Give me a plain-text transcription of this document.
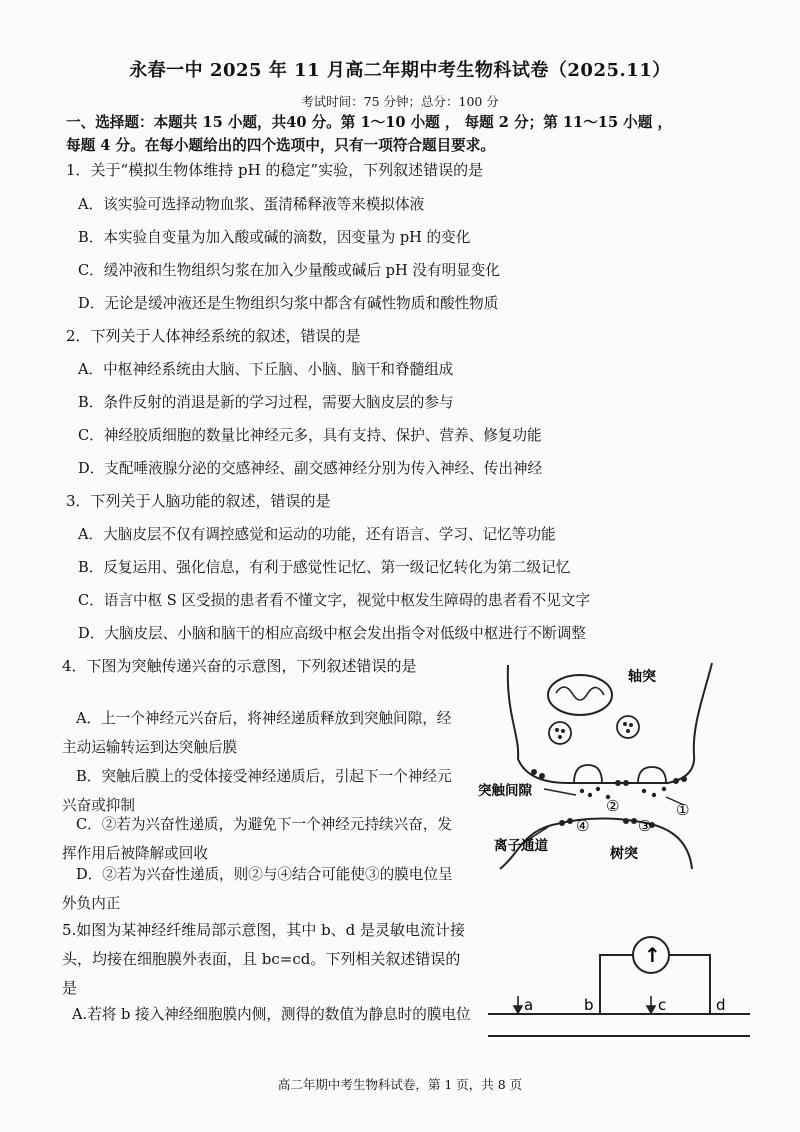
永春一中 2025 年 11 月高二年期中考生物科试卷（2025.11）
考试时间：75 分钟；总分：100 分
一、选择题：本题共 15 小题，共40 分。第 1～10 小题 ， 每题 2 分；第 11～15 小题 ，
每题 4 分。在每小题给出的四个选项中，只有一项符合题目要求。
1．关于“模拟生物体维持 pH 的稳定”实验，下列叙述错误的是
A．该实验可选择动物血浆、蛋清稀释液等来模拟体液
B．本实验自变量为加入酸或碱的滴数，因变量为 pH 的变化
C．缓冲液和生物组织匀浆在加入少量酸或碱后 pH 没有明显变化
D．无论是缓冲液还是生物组织匀浆中都含有碱性物质和酸性物质
2．下列关于人体神经系统的叙述，错误的是
A．中枢神经系统由大脑、下丘脑、小脑、脑干和脊髓组成
B．条件反射的消退是新的学习过程，需要大脑皮层的参与
C．神经胶质细胞的数量比神经元多，具有支持、保护、营养、修复功能
D．支配唾液腺分泌的交感神经、副交感神经分别为传入神经、传出神经
3．下列关于人脑功能的叙述，错误的是
A．大脑皮层不仅有调控感觉和运动的功能，还有语言、学习、记忆等功能
B．反复运用、强化信息，有利于感觉性记忆、第一级记忆转化为第二级记忆
C．语言中枢 S 区受损的患者看不懂文字，视觉中枢发生障碍的患者看不见文字
D．大脑皮层、小脑和脑干的相应高级中枢会发出指令对低级中枢进行不断调整
4．下图为突触传递兴奋的示意图，下列叙述错误的是
A．上一个神经元兴奋后，将神经递质释放到突触间隙，经主动运输转运到达突触后膜
B．突触后膜上的受体接受神经递质后，引起下一个神经元兴奋或抑制
C．②若为兴奋性递质，为避免下一个神经元持续兴奋，发挥作用后被降解或回收
D．②若为兴奋性递质，则②与④结合可能使③的膜电位呈外负内正
5.如图为某神经纤维局部示意图，其中 b、d 是灵敏电流计接头，均接在细胞膜外表面，且 bc=cd。下列相关叙述错误的是
A.若将 b 接入神经细胞膜内侧，测得的数值为静息时的膜电位
轴突
突触间隙
离子通道	树突
②	①
④	③
↑
a	b	c	d
高二年期中考生物科试卷，第 1 页，共 8 页
